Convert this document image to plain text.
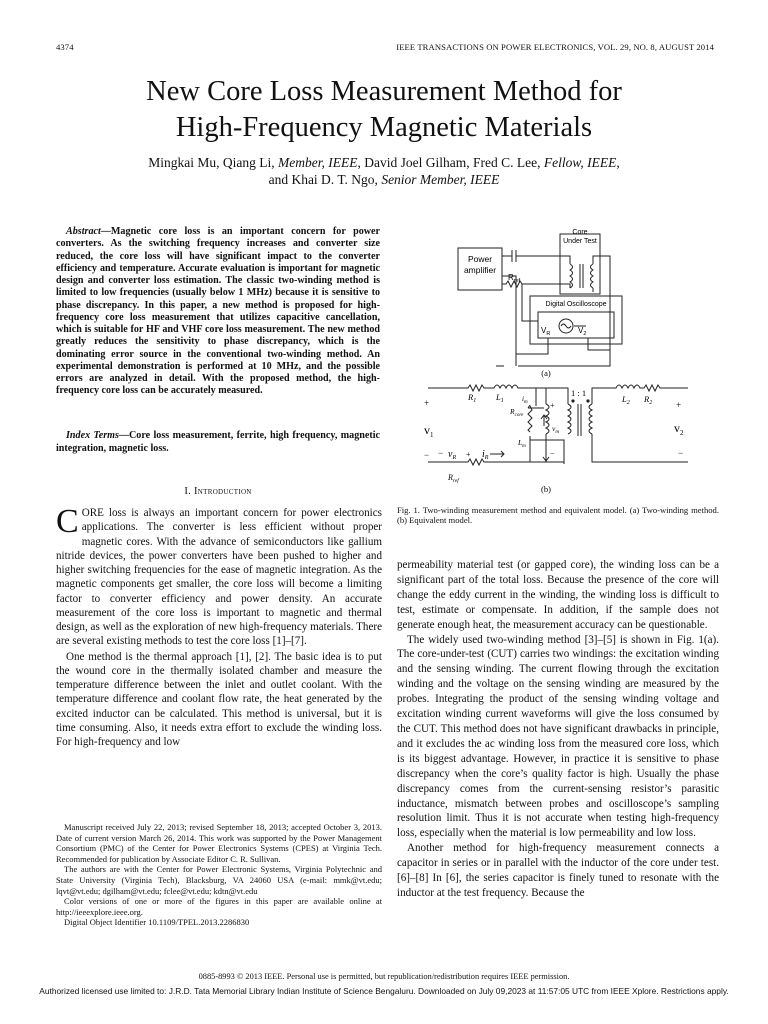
4374	IEEE TRANSACTIONS ON POWER ELECTRONICS, VOL. 29, NO. 8, AUGUST 2014
New Core Loss Measurement Method for
High-Frequency Magnetic Materials
Mingkai Mu, Qiang Li, Member, IEEE, David Joel Gilham, Fred C. Lee, Fellow, IEEE,
and Khai D. T. Ngo, Senior Member, IEEE
Abstract—Magnetic core loss is an important concern for power converters. As the switching frequency increases and converter size reduced, the core loss will have significant impact to the converter efficiency and temperature. Accurate evaluation is important for magnetic design and converter loss estimation. The classic two-winding method is limited to low frequencies (usually below 1 MHz) because it is sensitive to phase discrepancy. In this paper, a new method is proposed for high-frequency core loss measurement that utilizes capacitive cancellation, which is suitable for HF and VHF core loss measurement. The new method greatly reduces the sensitivity to phase discrepancy, which is the dominating error source in the conventional two-winding method. An experimental demonstration is performed at 10 MHz, and the possible errors are analyzed in detail. With the proposed method, the high-frequency core loss can be accurately measured.
Index Terms—Core loss measurement, ferrite, high frequency, magnetic integration, magnetic loss.
I. Introduction

CORE loss is always an important concern for power electronics applications. The converter is less efficient without proper magnetic cores. With the advance of semiconductors like gallium nitride devices, the power converters have been pushed to higher and higher switching frequencies for the ease of magnetic integration. As the magnetic components get smaller, the core loss will become a limiting factor to converter efficiency and power density. An accurate measurement of the core loss is important to magnetic and thermal design, as well as the exploration of new high-frequency materials. There are several existing methods to test the core loss [1]–[7].

One method is the thermal approach [1], [2]. The basic idea is to put the wound core in the thermally isolated chamber and measure the temperature difference between the inlet and outlet coolant. With the temperature difference and coolant flow rate, the heat generated by the excited inductor can be calculated. This method is universal, but it is time consuming. Also, it needs extra effort to exclude the winding loss. For high-frequency and low

Manuscript received July 22, 2013; revised September 18, 2013; accepted October 3, 2013. Date of current version March 26, 2014. This work was supported by the Power Management Consortium (PMC) of the Center for Power Electronics Systems (CPES) at Virginia Tech. Recommended for publication by Associate Editor C. R. Sullivan.

The authors are with the Center for Power Electronic Systems, Virginia Polytechnic and State University (Virginia Tech), Blacksburg, VA 24060 USA (e-mail: mmk@vt.edu; lqvt@vt.edu; dgilham@vt.edu; fclee@vt.edu; kdtn@vt.edu

Color versions of one or more of the figures in this paper are available online at http://ieeexplore.ieee.org.

Digital Object Identifier 10.1109/TPEL.2013.2286830

Core
Under Test
Power
amplifier
$R_{ref}$
Digital Oscilloscope
$V_R$	$V_2$
(a)
$R_1$ $L_1$	$i_m$
$R_{core}$
$v_m$
$L_m$
1 : 1
$L_2$ $R_2$
+	+	+
$v_1$	$v_2$
−	−
− − $v_R + i_R$
$R_{ref}$
(b)
Fig. 1. Two-winding measurement method and equivalent model. (a) Two-winding method. (b) Equivalent model.

permeability material test (or gapped core), the winding loss can be a significant part of the total loss. Because the presence of the core will change the eddy current in the winding, the winding loss is difficult to test, estimate or compensate. In addition, if the sample does not generate enough heat, the measurement accuracy can be questionable.

The widely used two-winding method [3]–[5] is shown in Fig. 1(a). The core-under-test (CUT) carries two windings: the excitation winding and the sensing winding. The current flowing through the excitation winding and the voltage on the sensing winding are measured by the probes. Integrating the product of the sensing winding voltage and excitation winding current waveforms will give the loss consumed by the CUT. This method does not have significant drawbacks in principle, and it excludes the ac winding loss from the measured core loss, which is its biggest advantage. However, in practice it is sensitive to phase discrepancy when the core’s quality factor is high. Usually the phase discrepancy comes from the current-sensing resistor’s parasitic inductance, mismatch between probes and oscilloscope’s sampling resolution limit. Thus it is not accurate when testing high-frequency loss, especially when the material is low permeability and low loss.

Another method for high-frequency measurement connects a capacitor in series or in parallel with the inductor of the core under test. [6]–[8] In [6], the series capacitor is finely tuned to resonate with the inductor at the test frequency. Because the

0885-8993 © 2013 IEEE. Personal use is permitted, but republication/redistribution requires IEEE permission.
Authorized licensed use limited to: J.R.D. Tata Memorial Library Indian Institute of Science Bengaluru. Downloaded on July 09,2023 at 11:57:05 UTC from IEEE Xplore. Restrictions apply.
